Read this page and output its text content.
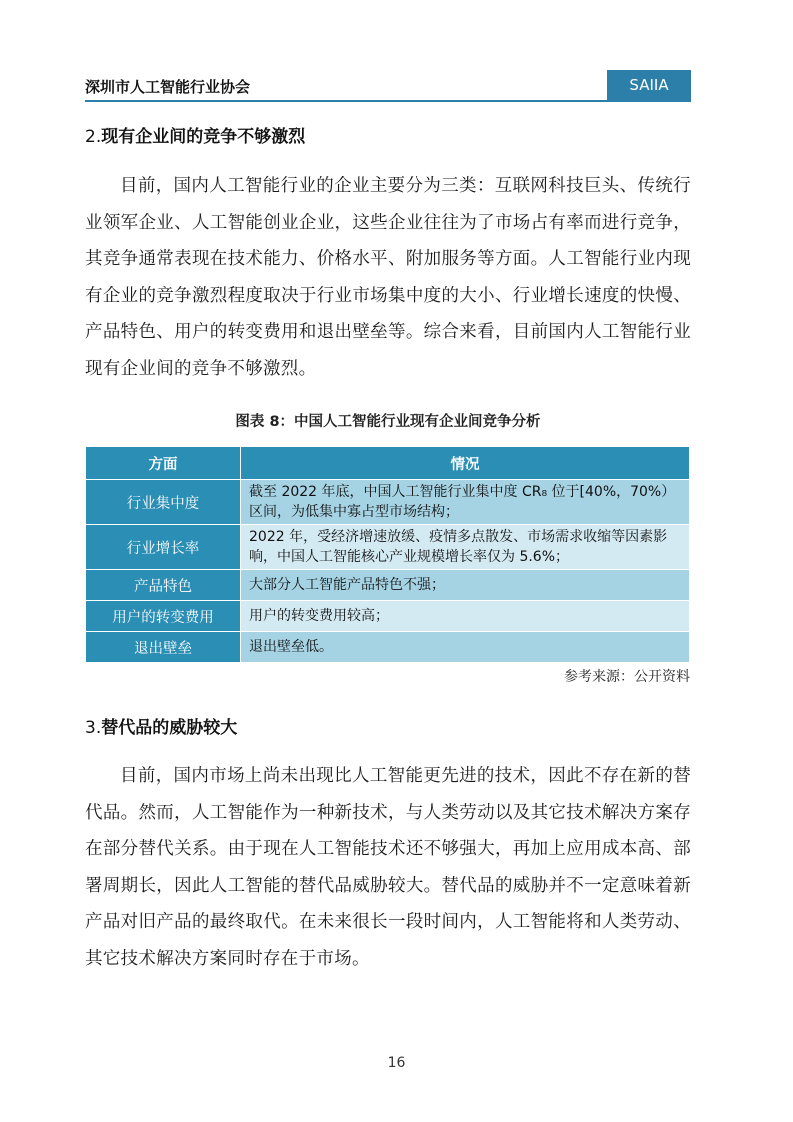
深圳市人工智能行业协会	SAIIA
2.现有企业间的竞争不够激烈

目前，国内人工智能行业的企业主要分为三类：互联网科技巨头、传统行业领军企业、人工智能创业企业，这些企业往往为了市场占有率而进行竞争，其竞争通常表现在技术能力、价格水平、附加服务等方面。人工智能行业内现有企业的竞争激烈程度取决于行业市场集中度的大小、行业增长速度的快慢、产品特色、用户的转变费用和退出壁垒等。综合来看，目前国内人工智能行业现有企业间的竞争不够激烈。

图表 8：中国人工智能行业现有企业间竞争分析
方面	情况
行业集中度	截至 2022 年底，中国人工智能行业集中度 CR₈ 位于[40%，70%）区间，为低集中寡占型市场结构；
行业增长率	2022 年，受经济增速放缓、疫情多点散发、市场需求收缩等因素影响，中国人工智能核心产业规模增长率仅为 5.6%；
产品特色	大部分人工智能产品特色不强；
用户的转变费用	用户的转变费用较高；
退出壁垒	退出壁垒低。
参考来源：公开资料
3.替代品的威胁较大

目前，国内市场上尚未出现比人工智能更先进的技术，因此不存在新的替代品。然而，人工智能作为一种新技术，与人类劳动以及其它技术解决方案存在部分替代关系。由于现在人工智能技术还不够强大，再加上应用成本高、部署周期长，因此人工智能的替代品威胁较大。替代品的威胁并不一定意味着新产品对旧产品的最终取代。在未来很长一段时间内，人工智能将和人类劳动、其它技术解决方案同时存在于市场。

16
